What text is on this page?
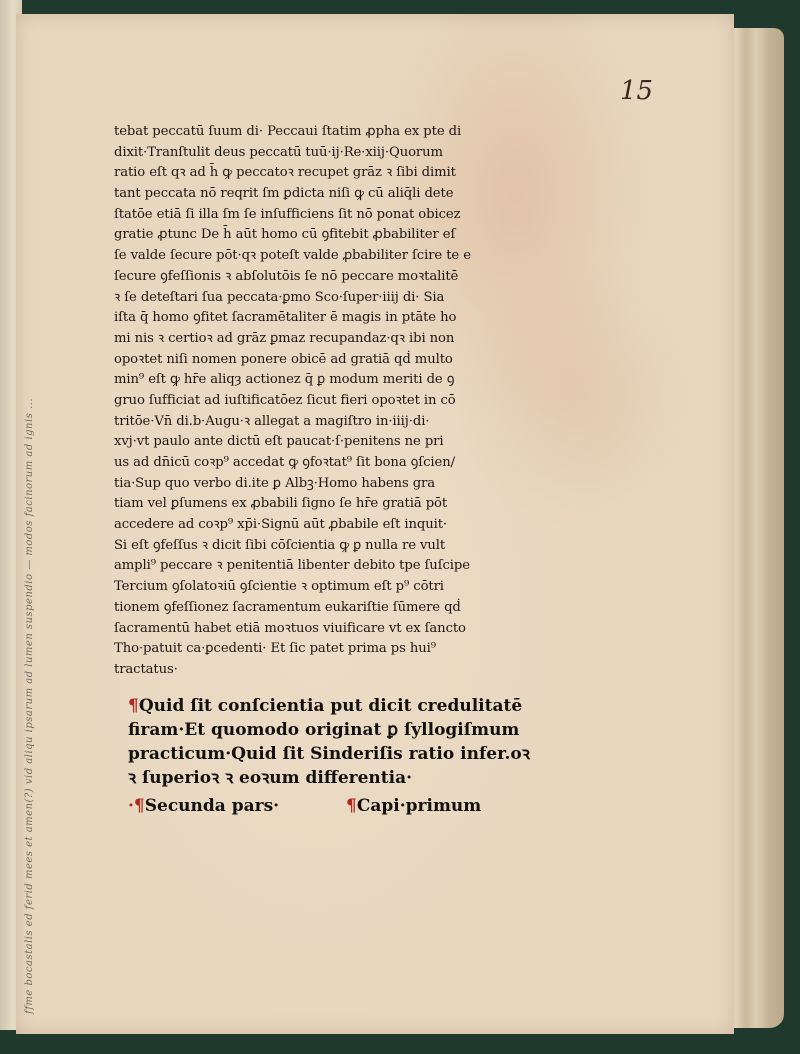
ffme bocastalis ed ferid mees et amen(?) vid aliqu ipsarum ad lumen suspendio — modos facinorum ad ignis ...
15
tebat peccatū ſuum di· Peccaui ſtatim ꝓpha ex pte di
dixit·Tranſtulit deus peccatū tuū·ij·Re·xiij·Quorum
ratio eſt qꝛ ad h̄ ꝙ peccatoꝛ recupet grāz ꝛ ſibi dimit
tant peccata nō reqrit ſm ꝑdicta niſi ꝙ cū aliq̄li dete
ſtatōe etiā ſi illa ſm ſe inſufficiens ſit nō ponat obicez
gratie ꝓtunc De h̄ aūt homo cū ꝯfitebit ꝓbabiliter eſ
ſe valde ſecure pōt·qꝛ poteſt valde ꝓbabiliter ſcire te e
ſecure ꝯfeſſionis ꝛ abſolutōis ſe nō peccare moꝛtalitē
ꝛ ſe deteſtari ſua peccata·ꝑmo Sco·ſuper·iiij di· Sia
iſta q̄ homo ꝯfitet ſacramētaliter ē magis in ptāte ho
mi nis ꝛ certioꝛ ad grāz ꝑmaz recupandaz·qꝛ ibi non
opoꝛtet niſi nomen ponere obicē ad gratiā qḋ multo
min⁹ eſt ꝙ hr̄e aliqȝ actionez q̄ ꝑ modum meriti de ꝯ
gruo ſufficiat ad iuſtificatōez ſicut fieri opoꝛtet in cō
tritōe·Vn̄ di.b·Augu·ꝛ allegat a magiſtro in·iiij·di·
xvj·vt paulo ante dictū eſt paucat·ſ·penitens ne pri
us ad dn̄icū coꝛp⁹ accedat ꝙ ꝯfoꝛtat⁹ ſit bona ꝯſcien/
tia·Sup quo verbo di.ite ꝑ Albꝫ·Homo habens gra
tiam vel ꝑſumens ex ꝓbabili ſigno ſe hr̄e gratiā pōt
accedere ad coꝛp⁹ xp̄i·Signū aūt ꝓbabile eſt inquit·
Si eſt ꝯfeſſus ꝛ dicit ſibi cōſcientia ꝙ ꝑ nulla re vult
ampli⁹ peccare ꝛ penitentiā libenter debito tpe ſuſcipe
Tercium ꝯſolatoꝛiū ꝯſcientie ꝛ optimum eſt p⁹ cōtri
tionem ꝯfeſſionez ſacramentum eukariſtie ſūmere qḋ
ſacramentū habet etiā moꝛtuos viuificare vt ex ſancto
Tho·patuit ca·ꝑcedenti· Et ſic patet prima ps hui⁹
tractatus·
¶Quid ſit conſcientia put dicit credulitatē
firam·Et quomodo originat ꝑ ſyllogiſmum
practicum·Quid ſit Sinderiſis ratio infer.oꝛ
ꝛ ſuperioꝛ ꝛ eoꝛum differentia·
·¶Secunda pars·	¶Capi·primum
